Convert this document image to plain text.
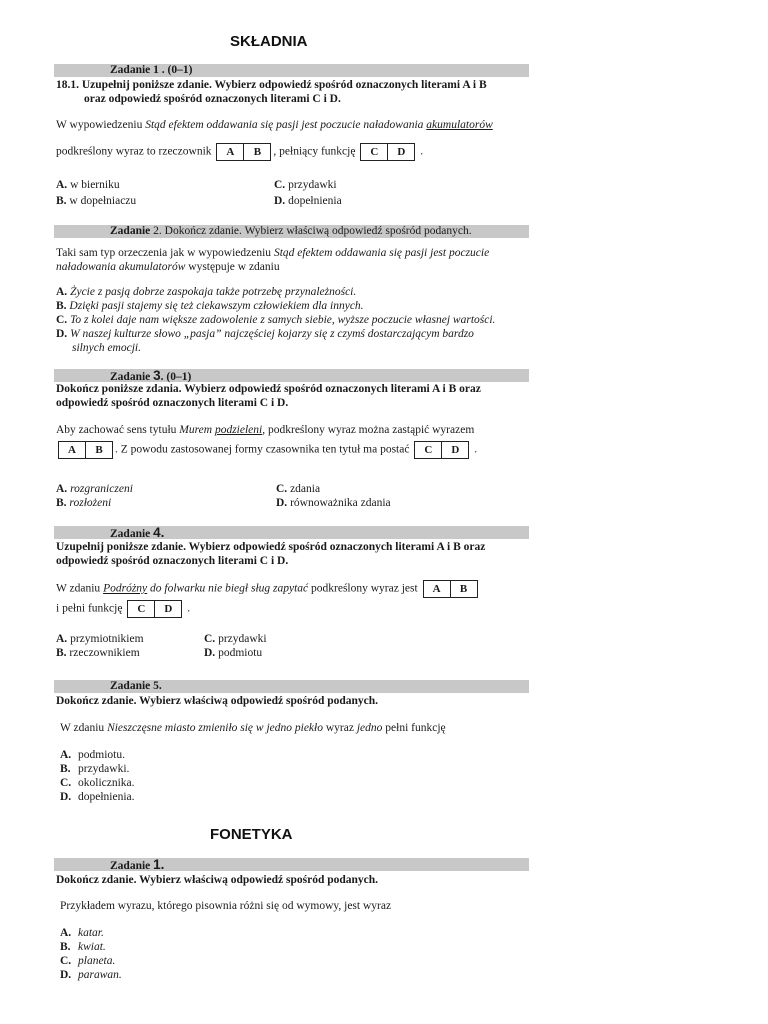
SKŁADNIA
Zadanie 1 . (0–1)
18.1. Uzupełnij poniższe zdanie. Wybierz odpowiedź spośród oznaczonych literami A i B
oraz odpowiedź spośród oznaczonych literami C i D.
W wypowiedzeniu Stąd efektem oddawania się pasji jest poczucie naładowania akumulatorów
podkreślony wyraz to rzeczownik	A	B	, pełniący funkcję	C	D	.
A. w bierniku
B. w dopełniaczu
C. przydawki
D. dopełnienia
Zadanie 2. Dokończ zdanie. Wybierz właściwą odpowiedź spośród podanych.
Taki sam typ orzeczenia jak w wypowiedzeniu Stąd efektem oddawania się pasji jest poczucie
naładowania akumulatorów występuje w zdaniu
A. Życie z pasją dobrze zaspokaja także potrzebę przynależności.
B. Dzięki pasji stajemy się też ciekawszym człowiekiem dla innych.
C. To z kolei daje nam większe zadowolenie z samych siebie, wyższe poczucie własnej wartości.
D. W naszej kulturze słowo „pasja” najczęściej kojarzy się z czymś dostarczającym bardzo
silnych emocji.
Zadanie 3. (0–1)
Dokończ poniższe zdania. Wybierz odpowiedź spośród oznaczonych literami A i B oraz
odpowiedź spośród oznaczonych literami C i D.
Aby zachować sens tytułu Murem podzieleni, podkreślony wyraz można zastąpić wyrazem
A	B	. Z powodu zastosowanej formy czasownika ten tytuł ma postać	C	D	.
A. rozgraniczeni
B. rozłożeni
C. zdania
D. równoważnika zdania
Zadanie 4.
Uzupełnij poniższe zdanie. Wybierz odpowiedź spośród oznaczonych literami A i B oraz
odpowiedź spośród oznaczonych literami C i D.
W zdaniu Podróżny do folwarku nie biegł sług zapytać podkreślony wyraz jest	A	B
i pełni funkcję	C	D	.
A. przymiotnikiem
B. rzeczownikiem
C. przydawki
D. podmiotu
Zadanie 5.
Dokończ zdanie. Wybierz właściwą odpowiedź spośród podanych.
W zdaniu Nieszczęsne miasto zmieniło się w jedno piekło wyraz jedno pełni funkcję
A. podmiotu.
B. przydawki.
C. okolicznika.
D. dopełnienia.
FONETYKA
Zadanie 1.
Dokończ zdanie. Wybierz właściwą odpowiedź spośród podanych.
Przykładem wyrazu, którego pisownia różni się od wymowy, jest wyraz
A. katar.
B. kwiat.
C. planeta.
D. parawan.
